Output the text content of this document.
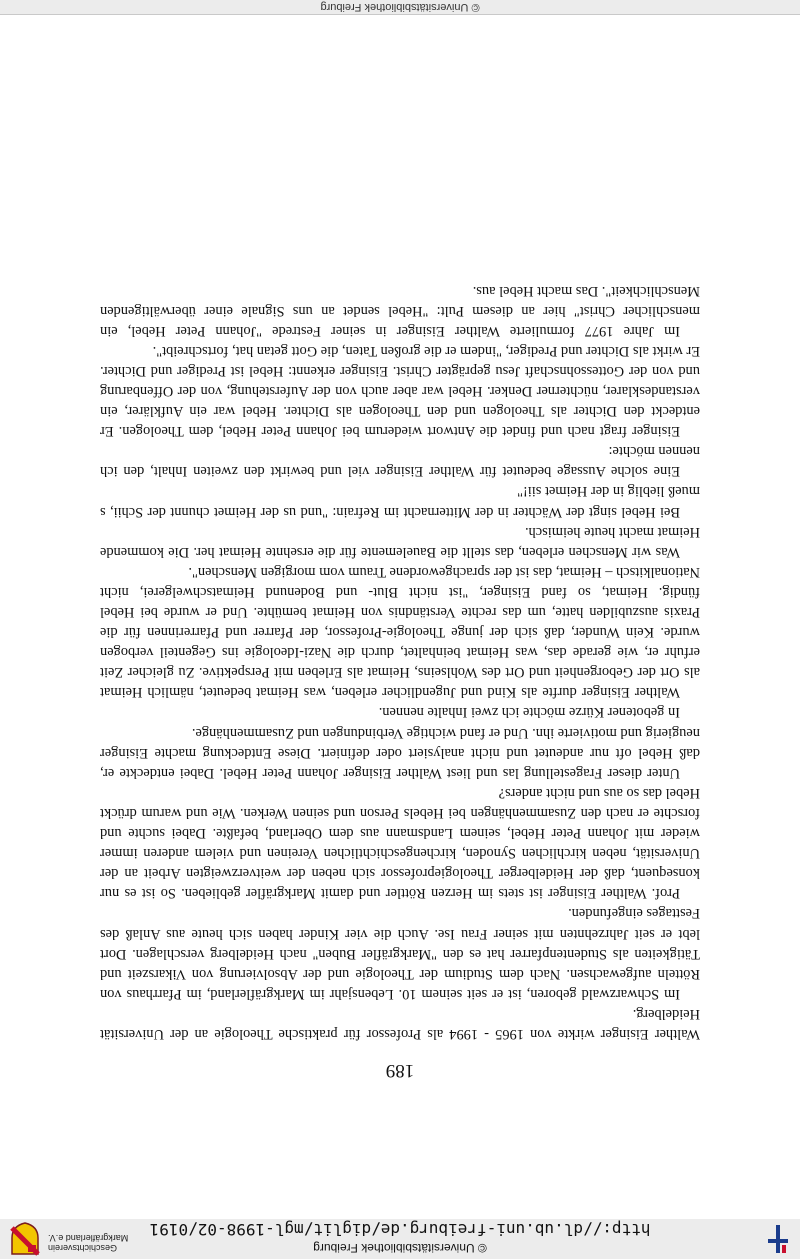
© Universitätsbibliothek Freiburg
http://dl.ub.uni-freiburg.de/diglit/mgl-1998-02/0191
Geschichtsverein
Markgräflerland e.V.

Walther Eisinger wirkte von 1965 - 1994 als Professor für praktische Theologie an der Universität Heidelberg.

Im Schwarzwald geboren, ist er seit seinem 10. Lebensjahr im Markgräflerland, im Pfarrhaus von Rötteln aufgewachsen. Nach dem Studium der Theologie und der Absolvierung von Vikarszeit und Tätigkeiten als Studentenpfarrer hat es den "Markgräfler Buben" nach Heidelberg verschlagen. Dort lebt er seit Jahrzehnten mit seiner Frau Ise. Auch die vier Kinder haben sich heute aus Anlaß des Festtages eingefunden.

Prof. Walther Eisinger ist stets im Herzen Röttler und damit Markgräfler geblieben. So ist es nur konsequent, daß der Heidelberger Theologieprofessor sich neben der weitverzweigten Arbeit an der Universität, neben kirchlichen Synoden, kirchengeschichtlichen Vereinen und vielem anderen immer wieder mit Johann Peter Hebel, seinem Landsmann aus dem Oberland, befaßte. Dabei suchte und forschte er nach den Zusammenhängen bei Hebels Person und seinen Werken. Wie und warum drückt Hebel das so aus und nicht anders?

Unter dieser Fragestellung las und liest Walther Eisinger Johann Peter Hebel. Dabei entdeckte er, daß Hebel oft nur andeutet und nicht analysiert oder definiert. Diese Entdeckung machte Eisinger neugierig und motivierte ihn. Und er fand wichtige Verbindungen und Zusammenhänge.

In gebotener Kürze möchte ich zwei Inhalte nennen.

Walther Eisinger durfte als Kind und Jugendlicher erleben, was Heimat bedeutet, nämlich Heimat als Ort der Geborgenheit und Ort des Wohlseins, Heimat als Erleben mit Perspektive. Zu gleicher Zeit erfuhr er, wie gerade das, was Heimat beinhaltet, durch die Nazi-Ideologie ins Gegenteil verbogen wurde. Kein Wunder, daß sich der junge Theologie-Professor, der Pfarrer und Pfarrerinnen für die Praxis auszubilden hatte, um das rechte Verständnis von Heimat bemühte. Und er wurde bei Hebel fündig. Heimat, so fand Eisinger, "ist nicht Blut- und Bodenund Heimatschwelgerei, nicht Nationalkitsch – Heimat, das ist der sprachgewordene Traum vom morgigen Menschen".

Was wir Menschen erleben, das stellt die Bauelemente für die ersehnte Heimat her. Die kommende Heimat macht heute heimisch.

Bei Hebel singt der Wächter in der Mitternacht im Refrain: "und us der Heimet chunnt der Schii, s mueß lieblig in der Heimet sii!"

Eine solche Aussage bedeutet für Walther Eisinger viel und bewirkt den zweiten Inhalt, den ich nennen möchte:

Eisinger fragt nach und findet die Antwort wiederum bei Johann Peter Hebel, dem Theologen. Er entdeckt den Dichter als Theologen und den Theologen als Dichter. Hebel war ein Aufklärer, ein verstandesklarer, nüchterner Denker. Hebel war aber auch von der Auferstehung, von der Offenbarung und von der Gottessohnschaft Jesu geprägter Christ. Eisinger erkennt: Hebel ist Prediger und Dichter. Er wirkt als Dichter und Prediger, "indem er die großen Taten, die Gott getan hat, fortschreibt".

Im Jahre 1977 formulierte Walther Eisinger in seiner Festrede "Johann Peter Hebel, ein menschlicher Christ" hier an diesem Pult: "Hebel sendet an uns Signale einer überwältigenden Menschlichkeit". Das macht Hebel aus.

189
© Universitätsbibliothek Freiburg
